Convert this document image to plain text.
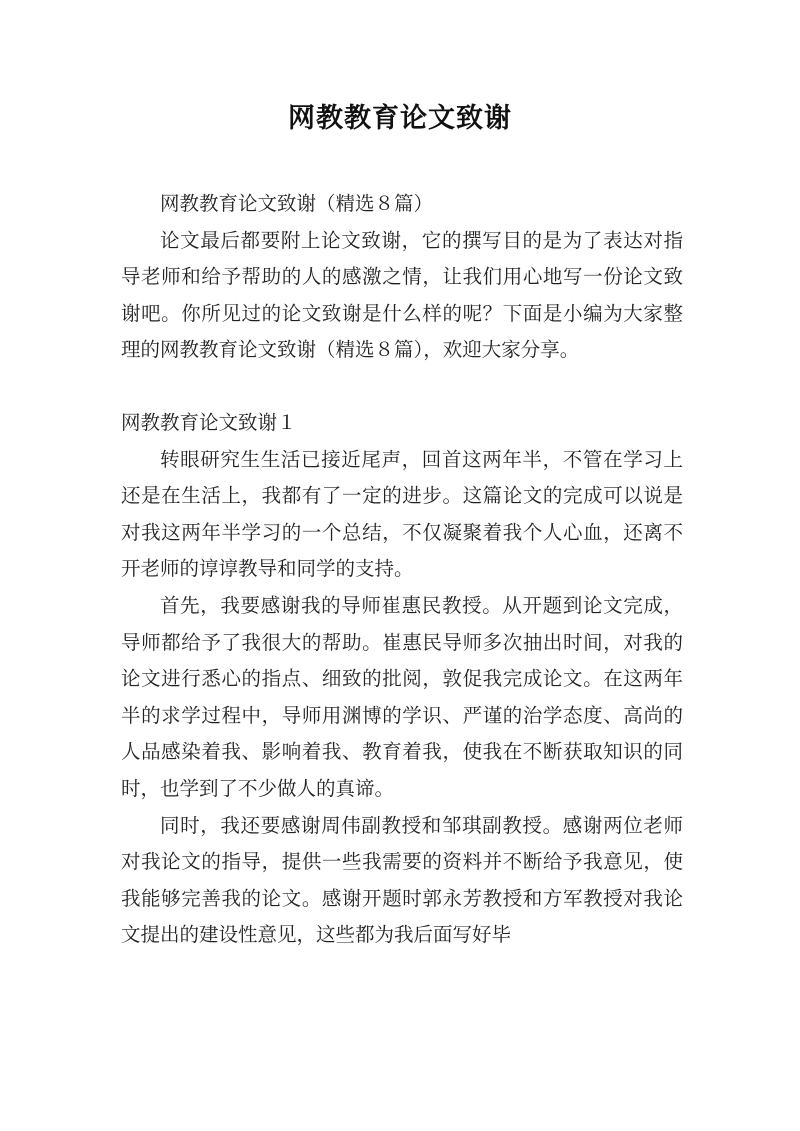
网教教育论文致谢

网教教育论文致谢（精选８篇）

论文最后都要附上论文致谢，它的撰写目的是为了表达对指导老师和给予帮助的人的感激之情，让我们用心地写一份论文致谢吧。你所见过的论文致谢是什么样的呢？下面是小编为大家整理的网教教育论文致谢（精选８篇），欢迎大家分享。

网教教育论文致谢１

转眼研究生生活已接近尾声，回首这两年半，不管在学习上还是在生活上，我都有了一定的进步。这篇论文的完成可以说是对我这两年半学习的一个总结，不仅凝聚着我个人心血，还离不开老师的谆谆教导和同学的支持。

首先，我要感谢我的导师崔惠民教授。从开题到论文完成，导师都给予了我很大的帮助。崔惠民导师多次抽出时间，对我的论文进行悉心的指点、细致的批阅，敦促我完成论文。在这两年半的求学过程中，导师用渊博的学识、严谨的治学态度、高尚的人品感染着我、影响着我、教育着我，使我在不断获取知识的同时，也学到了不少做人的真谛。

同时，我还要感谢周伟副教授和邹琪副教授。感谢两位老师对我论文的指导，提供一些我需要的资料并不断给予我意见，使我能够完善我的论文。感谢开题时郭永芳教授和方军教授对我论文提出的建设性意见，这些都为我后面写好毕
